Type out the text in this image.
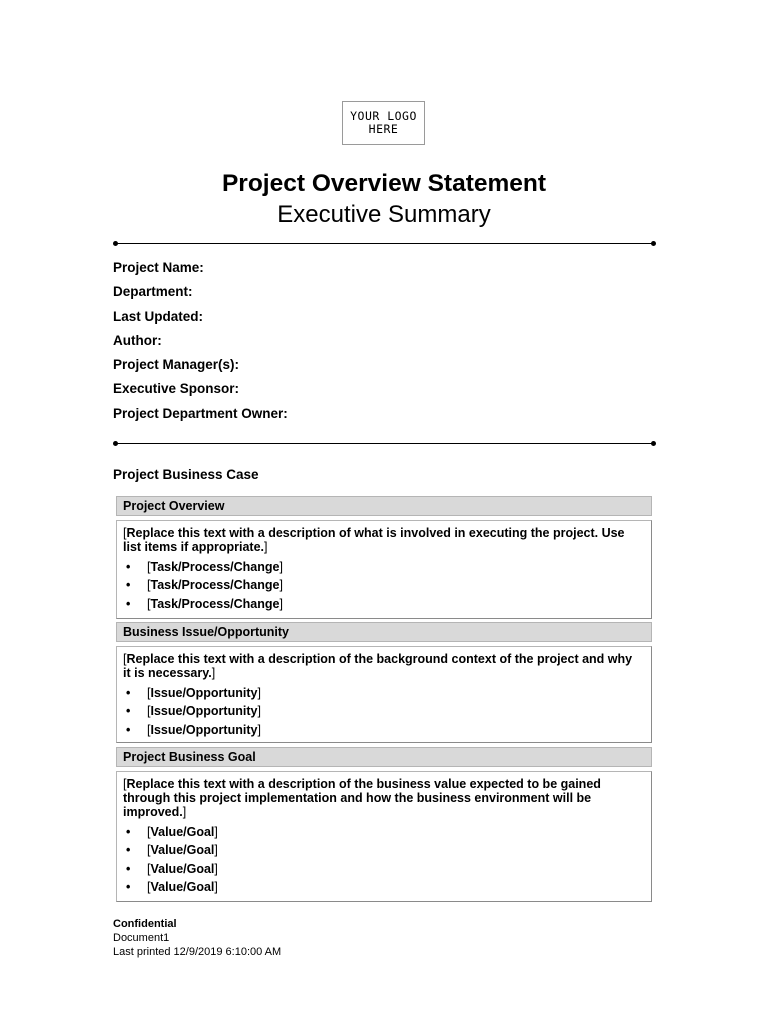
YOUR LOGO
HERE
Project Overview Statement
Executive Summary
Project Name:
Department:
Last Updated:
Author:
Project Manager(s):
Executive Sponsor:
Project Department Owner:
Project Business Case
Project Overview
[Replace this text with a description of what is involved in executing the project. Use list items if appropriate.]
• [Task/Process/Change]
• [Task/Process/Change]
• [Task/Process/Change]
Business Issue/Opportunity
[Replace this text with a description of the background context of the project and why it is necessary.]
• [Issue/Opportunity]
• [Issue/Opportunity]
• [Issue/Opportunity]
Project Business Goal
[Replace this text with a description of the business value expected to be gained through this project implementation and how the business environment will be improved.]
• [Value/Goal]
• [Value/Goal]
• [Value/Goal]
• [Value/Goal]
Confidential
Document1
Last printed 12/9/2019 6:10:00 AM
